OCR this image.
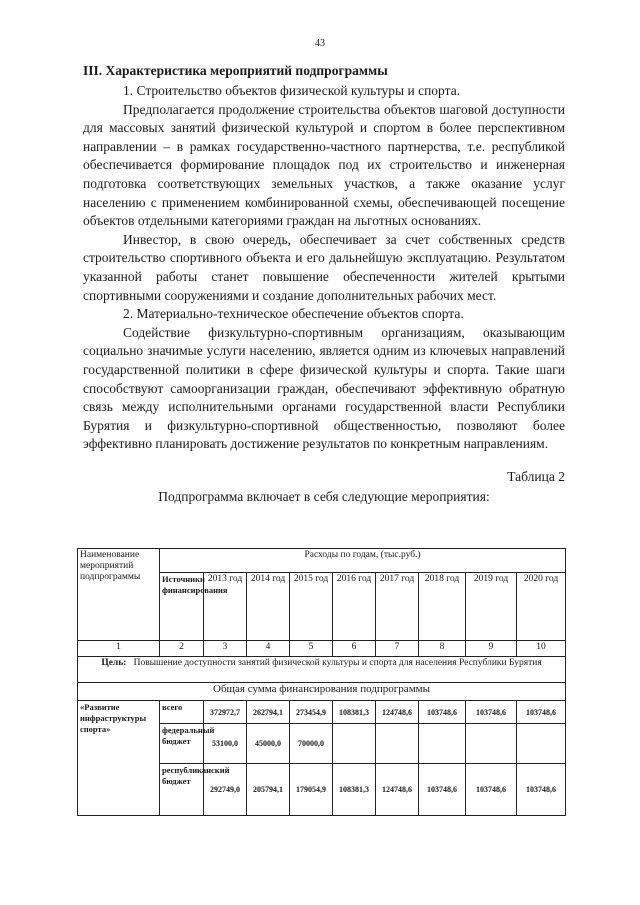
43
III. Характеристика мероприятий подпрограммы
1. Строительство объектов физической культуры и спорта.
Предполагается продолжение строительства объектов шаговой доступности для массовых занятий физической культурой и спортом в более перспективном направлении – в рамках государственно-частного партнерства, т.е. республикой обеспечивается формирование площадок под их строительство и инженерная подготовка соответствующих земельных участков, а также оказание услуг населению с применением комбинированной схемы, обеспечивающей посещение объектов отдельными категориями граждан на льготных основаниях.
Инвестор, в свою очередь, обеспечивает за счет собственных средств строительство спортивного объекта и его дальнейшую эксплуатацию. Результатом указанной работы станет повышение обеспеченности жителей крытыми спортивными сооружениями и создание дополнительных рабочих мест.
2. Материально-техническое обеспечение объектов спорта.
Содействие физкультурно-спортивным организациям, оказывающим социально значимые услуги населению, является одним из ключевых направлений государственной политики в сфере физической культуры и спорта. Такие шаги способствуют самоорганизации граждан, обеспечивают эффективную обратную связь между исполнительными органами государственной власти Республики Бурятия и физкультурно-спортивной общественностью, позволяют более эффективно планировать достижение результатов по конкретным направлениям.
Таблица 2
Подпрограмма включает в себя следующие мероприятия:
Наименование мероприятий подпрограммы	Расходы по годам, (тыс.руб.)								
	Источники финансирования	2013 год	2014 год	2015 год	2016 год	2017 год	2018 год	2019 год	2020 год
1	2	3	4	5	6	7	8	9	10
Цель: Повышение доступности занятий физической культуры и спорта для населения Республики Бурятия									
Общая сумма финансирования подпрограммы									
«Развитие инфраструктуры спорта»	всего	372972,7	262794,1	273454,9	108381,3	124748,6	103748,6	103748,6	103748,6
	федеральный бюджет	53100,0	45000,0	70000,0					
	республиканский бюджет	292749,0	205794,1	179054,9	108381,3	124748,6	103748,6	103748,6	103748,6
